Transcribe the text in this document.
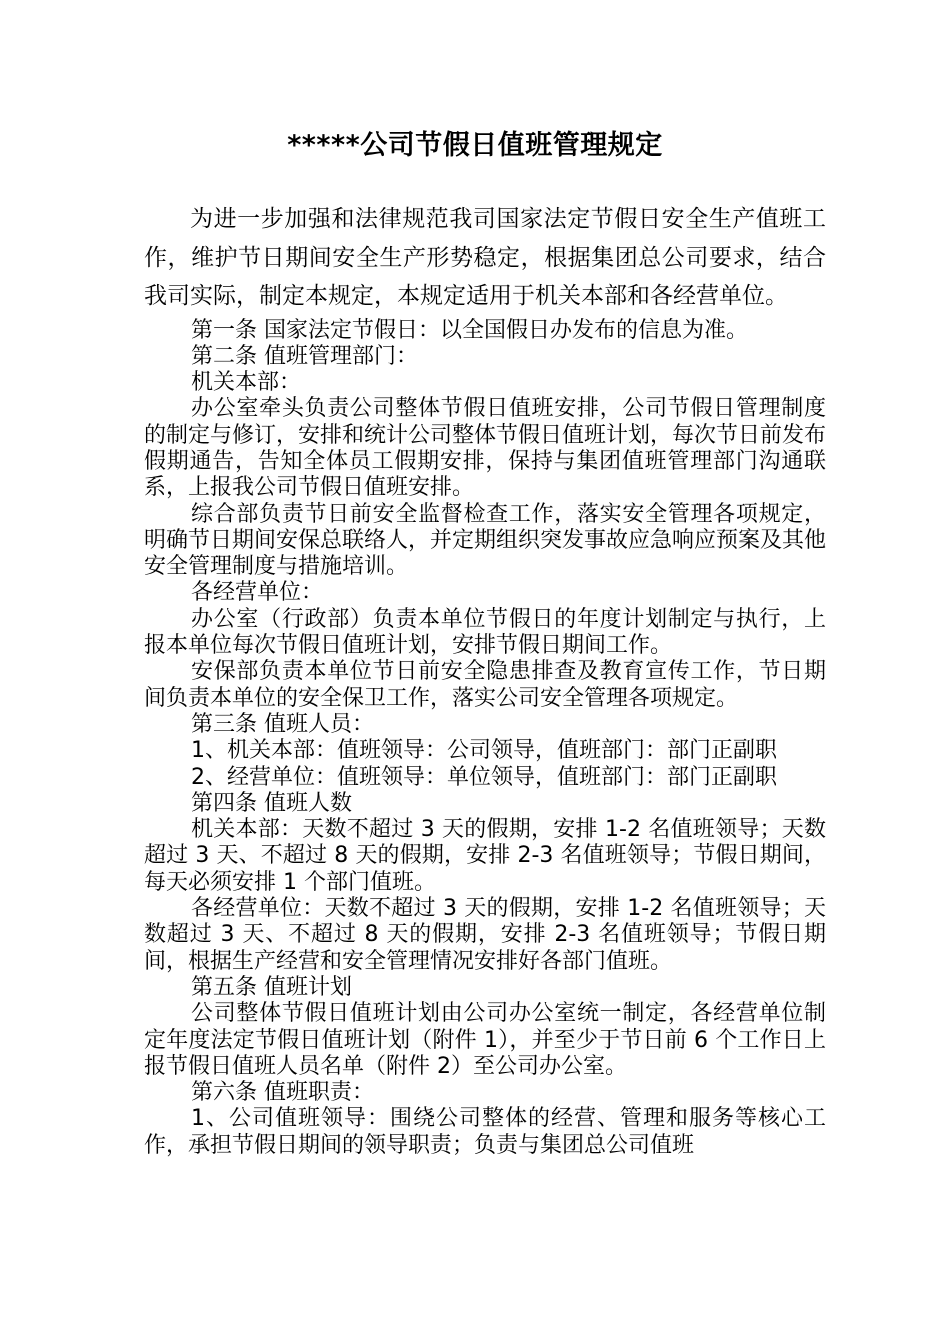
*****公司节假日值班管理规定

为进一步加强和法律规范我司国家法定节假日安全生产值班工作，维护节日期间安全生产形势稳定，根据集团总公司要求，结合我司实际，制定本规定，本规定适用于机关本部和各经营单位。

第一条 国家法定节假日：以全国假日办发布的信息为准。

第二条 值班管理部门：

机关本部：

办公室牵头负责公司整体节假日值班安排，公司节假日管理制度的制定与修订，安排和统计公司整体节假日值班计划，每次节日前发布假期通告，告知全体员工假期安排，保持与集团值班管理部门沟通联系，上报我公司节假日值班安排。

综合部负责节日前安全监督检查工作，落实安全管理各项规定，明确节日期间安保总联络人，并定期组织突发事故应急响应预案及其他安全管理制度与措施培训。

各经营单位：

办公室（行政部）负责本单位节假日的年度计划制定与执行，上报本单位每次节假日值班计划，安排节假日期间工作。

安保部负责本单位节日前安全隐患排查及教育宣传工作，节日期间负责本单位的安全保卫工作，落实公司安全管理各项规定。

第三条 值班人员：

1、机关本部：值班领导：公司领导，值班部门：部门正副职

2、经营单位：值班领导：单位领导，值班部门：部门正副职

第四条 值班人数

机关本部：天数不超过 3 天的假期，安排 1-2 名值班领导；天数超过 3 天、不超过 8 天的假期，安排 2-3 名值班领导；节假日期间，每天必须安排 1 个部门值班。

各经营单位：天数不超过 3 天的假期，安排 1-2 名值班领导；天数超过 3 天、不超过 8 天的假期，安排 2-3 名值班领导；节假日期间，根据生产经营和安全管理情况安排好各部门值班。

第五条 值班计划

公司整体节假日值班计划由公司办公室统一制定，各经营单位制定年度法定节假日值班计划（附件 1），并至少于节日前 6 个工作日上报节假日值班人员名单（附件 2）至公司办公室。

第六条 值班职责：

1、公司值班领导：围绕公司整体的经营、管理和服务等核心工作，承担节假日期间的领导职责；负责与集团总公司值班
